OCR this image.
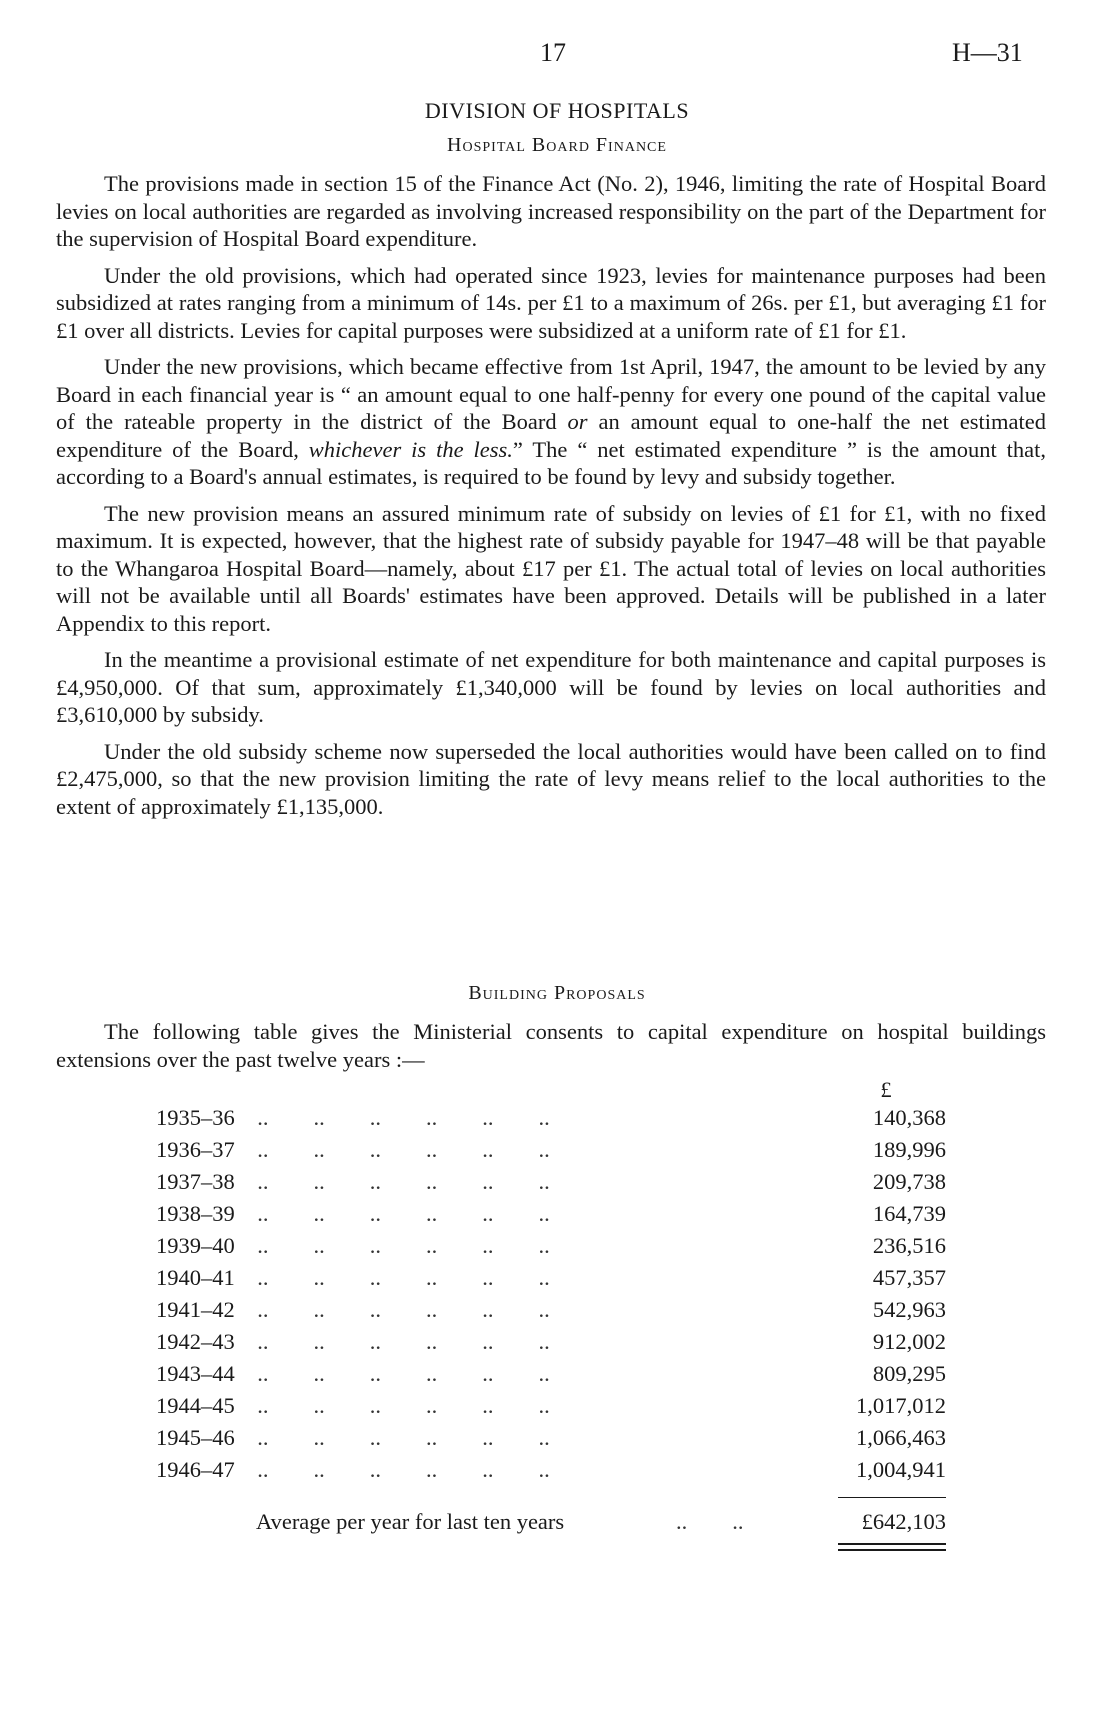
17	H—31
DIVISION OF HOSPITALS
Hospital Board Finance

The provisions made in section 15 of the Finance Act (No. 2), 1946, limiting the rate of Hospital Board levies on local authorities are regarded as involving increased responsibility on the part of the Department for the supervision of Hospital Board expenditure.

Under the old provisions, which had operated since 1923, levies for maintenance purposes had been subsidized at rates ranging from a minimum of 14s. per £1 to a maximum of 26s. per £1, but averaging £1 for £1 over all districts. Levies for capital purposes were subsidized at a uniform rate of £1 for £1.

Under the new provisions, which became effective from 1st April, 1947, the amount to be levied by any Board in each financial year is “ an amount equal to one half-penny for every one pound of the capital value of the rateable property in the district of the Board or an amount equal to one-half the net estimated expenditure of the Board, whichever is the less.” The “ net estimated expenditure ” is the amount that, according to a Board's annual estimates, is required to be found by levy and subsidy together.

The new provision means an assured minimum rate of subsidy on levies of £1 for £1, with no fixed maximum. It is expected, however, that the highest rate of subsidy payable for 1947–48 will be that payable to the Whangaroa Hospital Board—namely, about £17 per £1. The actual total of levies on local authorities will not be available until all Boards' estimates have been approved. Details will be published in a later Appendix to this report.

In the meantime a provisional estimate of net expenditure for both maintenance and capital purposes is £4,950,000. Of that sum, approximately £1,340,000 will be found by levies on local authorities and £3,610,000 by subsidy.

Under the old subsidy scheme now superseded the local authorities would have been called on to find £2,475,000, so that the new provision limiting the rate of levy means relief to the local authorities to the extent of approximately £1,135,000.

Building Proposals

The following table gives the Ministerial consents to capital expenditure on hospital buildings extensions over the past twelve years :—

£
1935–36 ..        ..        ..        ..        ..        ..	140,368
1936–37 ..        ..        ..        ..        ..        ..	189,996
1937–38 ..        ..        ..        ..        ..        ..	209,738
1938–39 ..        ..        ..        ..        ..        ..	164,739
1939–40 ..        ..        ..        ..        ..        ..	236,516
1940–41 ..        ..        ..        ..        ..        ..	457,357
1941–42 ..        ..        ..        ..        ..        ..	542,963
1942–43 ..        ..        ..        ..        ..        ..	912,002
1943–44 ..        ..        ..        ..        ..        ..	809,295
1944–45 ..        ..        ..        ..        ..        ..	1,017,012
1945–46 ..        ..        ..        ..        ..        ..	1,066,463
1946–47 ..        ..        ..        ..        ..        ..	1,004,941
Average per year for last ten years	..        ..	£642,103
